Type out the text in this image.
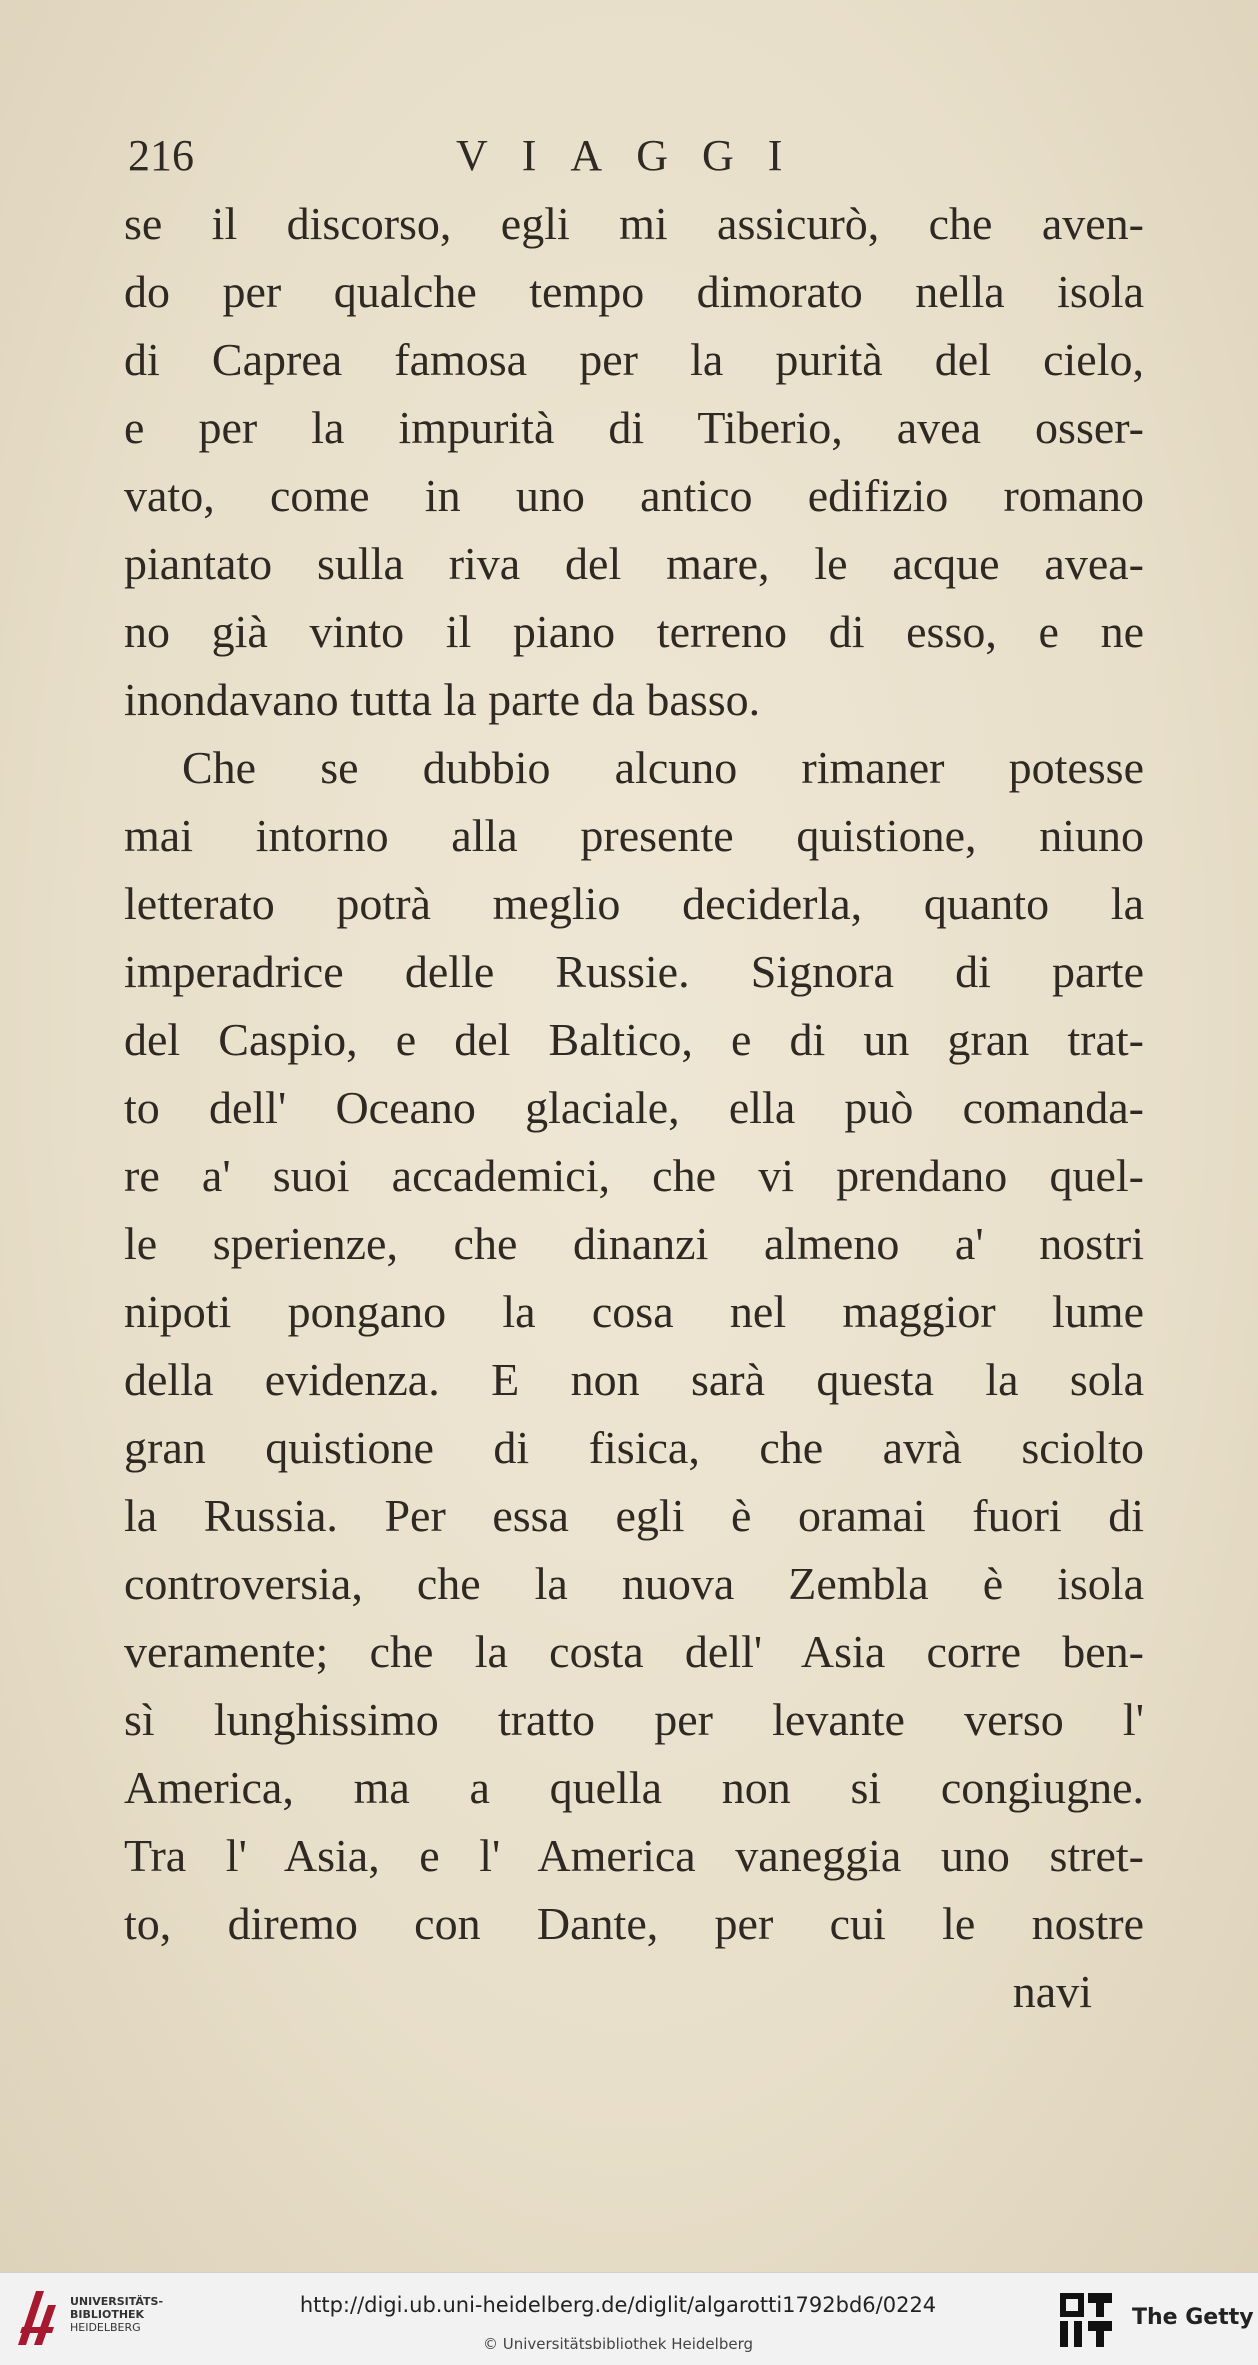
216	VIAGGI
se il discorso, egli mi assicurò, che aven-
do per qualche tempo dimorato nella isola
di Caprea famosa per la purità del cielo,
e per la impurità di Tiberio, avea osser-
vato, come in uno antico edifizio romano
piantato sulla riva del mare, le acque avea-
no già vinto il piano terreno di esso, e ne
inondavano tutta la parte da basso.
Che se dubbio alcuno rimaner potesse
mai intorno alla presente quistione, niuno
letterato potrà meglio deciderla, quanto la
imperadrice delle Russie. Signora di parte
del Caspio, e del Baltico, e di un gran trat-
to dell' Oceano glaciale, ella può comanda-
re a' suoi accademici, che vi prendano quel-
le sperienze, che dinanzi almeno a' nostri
nipoti pongano la cosa nel maggior lume
della evidenza. E non sarà questa la sola
gran quistione di fisica, che avrà sciolto
la Russia. Per essa egli è oramai fuori di
controversia, che la nuova Zembla è isola
veramente; che la costa dell' Asia corre ben-
sì lunghissimo tratto per levante verso l'
America, ma a quella non si congiugne.
Tra l' Asia, e l' America vaneggia uno stret-
to, diremo con Dante, per cui le nostre
navi
UNIVERSITÄTS-
BIBLIOTHEK
HEIDELBERG
http://digi.ub.uni-heidelberg.de/diglit/algarotti1792bd6/0224
© Universitätsbibliothek Heidelberg
The Getty
